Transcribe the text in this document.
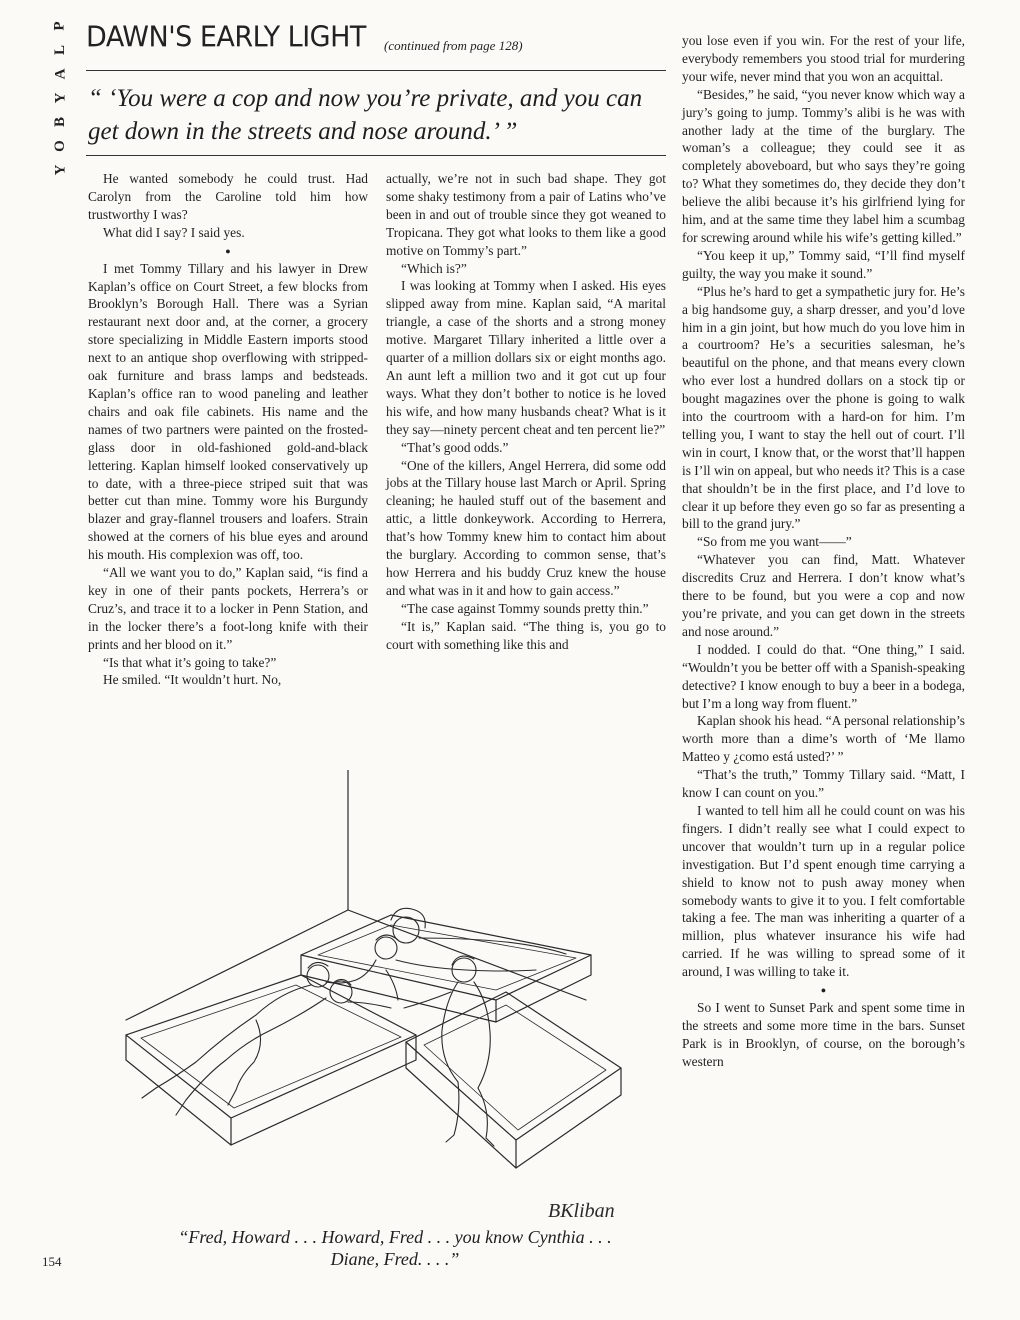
P
L
A
Y
B
O
Y
DAWN'S EARLY LIGHT (continued from page 128)
“ ‘You were a cop and now you’re private, and you can get down in the streets and nose around.’ ”

He wanted somebody he could trust. Had Carolyn from the Caroline told him how trustworthy I was?

What did I say? I said yes.

●

I met Tommy Tillary and his lawyer in Drew Kaplan’s office on Court Street, a few blocks from Brooklyn’s Borough Hall. There was a Syrian restaurant next door and, at the corner, a grocery store specializing in Middle Eastern imports stood next to an antique shop overflowing with stripped-oak furniture and brass lamps and bedsteads. Kaplan’s office ran to wood paneling and leather chairs and oak file cabinets. His name and the names of two partners were painted on the frosted-glass door in old-fashioned gold-and-black lettering. Kaplan himself looked conservatively up to date, with a three-piece striped suit that was better cut than mine. Tommy wore his Burgundy blazer and gray-flannel trousers and loafers. Strain showed at the corners of his blue eyes and around his mouth. His complexion was off, too.

“All we want you to do,” Kaplan said, “is find a key in one of their pants pockets, Herrera’s or Cruz’s, and trace it to a locker in Penn Station, and in the locker there’s a foot-long knife with their prints and her blood on it.”

“Is that what it’s going to take?”

He smiled. “It wouldn’t hurt. No,

actually, we’re not in such bad shape. They got some shaky testimony from a pair of Latins who’ve been in and out of trouble since they got weaned to Tropicana. They got what looks to them like a good motive on Tommy’s part.”

“Which is?”

I was looking at Tommy when I asked. His eyes slipped away from mine. Kaplan said, “A marital triangle, a case of the shorts and a strong money motive. Margaret Tillary inherited a little over a quarter of a million dollars six or eight months ago. An aunt left a million two and it got cut up four ways. What they don’t bother to notice is he loved his wife, and how many husbands cheat? What is it they say—ninety percent cheat and ten percent lie?”

“That’s good odds.”

“One of the killers, Angel Herrera, did some odd jobs at the Tillary house last March or April. Spring cleaning; he hauled stuff out of the basement and attic, a little donkeywork. According to Herrera, that’s how Tommy knew him to contact him about the burglary. According to common sense, that’s how Herrera and his buddy Cruz knew the house and what was in it and how to gain access.”

“The case against Tommy sounds pretty thin.”

“It is,” Kaplan said. “The thing is, you go to court with something like this and

you lose even if you win. For the rest of your life, everybody remembers you stood trial for murdering your wife, never mind that you won an acquittal.

“Besides,” he said, “you never know which way a jury’s going to jump. Tommy’s alibi is he was with another lady at the time of the burglary. The woman’s a colleague; they could see it as completely aboveboard, but who says they’re going to? What they sometimes do, they decide they don’t believe the alibi because it’s his girlfriend lying for him, and at the same time they label him a scumbag for screwing around while his wife’s getting killed.”

“You keep it up,” Tommy said, “I’ll find myself guilty, the way you make it sound.”

“Plus he’s hard to get a sympathetic jury for. He’s a big handsome guy, a sharp dresser, and you’d love him in a gin joint, but how much do you love him in a courtroom? He’s a securities salesman, he’s beautiful on the phone, and that means every clown who ever lost a hundred dollars on a stock tip or bought magazines over the phone is going to walk into the courtroom with a hard-on for him. I’m telling you, I want to stay the hell out of court. I’ll win in court, I know that, or the worst that’ll happen is I’ll win on appeal, but who needs it? This is a case that shouldn’t be in the first place, and I’d love to clear it up before they even go so far as presenting a bill to the grand jury.”

“So from me you want——”

“Whatever you can find, Matt. Whatever discredits Cruz and Herrera. I don’t know what’s there to be found, but you were a cop and now you’re private, and you can get down in the streets and nose around.”

I nodded. I could do that. “One thing,” I said. “Wouldn’t you be better off with a Spanish-speaking detective? I know enough to buy a beer in a bodega, but I’m a long way from fluent.”

Kaplan shook his head. “A personal relationship’s worth more than a dime’s worth of ‘Me llamo Matteo y ¿como está usted?’ ”

“That’s the truth,” Tommy Tillary said. “Matt, I know I can count on you.”

I wanted to tell him all he could count on was his fingers. I didn’t really see what I could expect to uncover that wouldn’t turn up in a regular police investigation. But I’d spent enough time carrying a shield to know not to push away money when somebody wants to give it to you. I felt comfortable taking a fee. The man was inheriting a quarter of a million, plus whatever insurance his wife had carried. If he was willing to spread some of it around, I was willing to take it.

●

So I went to Sunset Park and spent some time in the streets and some more time in the bars. Sunset Park is in Brooklyn, of course, on the borough’s western

BKliban
“Fred, Howard . . . Howard, Fred . . . you know Cynthia . . . Diane, Fred. . . .”
154
